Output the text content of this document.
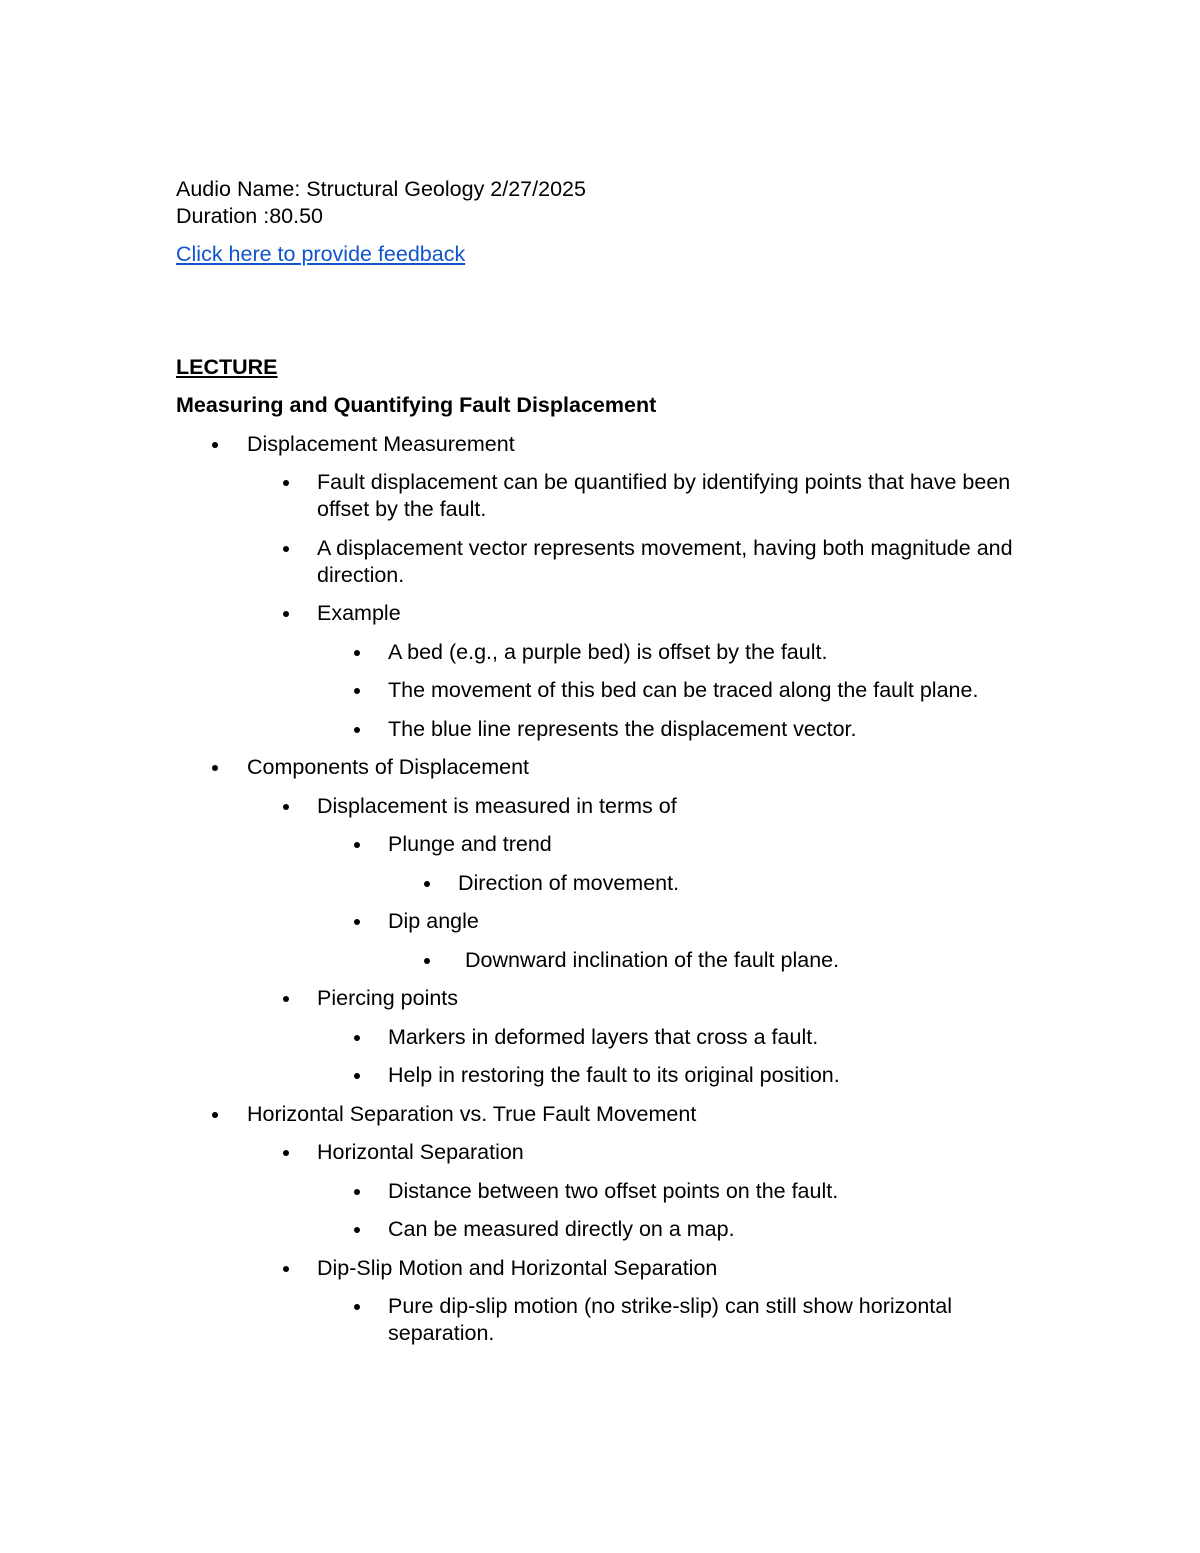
Audio Name: Structural Geology 2/27/2025
Duration :80.50
Click here to provide feedback
LECTURE
Measuring and Quantifying Fault Displacement
Displacement Measurement
Fault displacement can be quantified by identifying points that have been offset by the fault.
A displacement vector represents movement, having both magnitude and direction.
Example
A bed (e.g., a purple bed) is offset by the fault.
The movement of this bed can be traced along the fault plane.
The blue line represents the displacement vector.
Components of Displacement
Displacement is measured in terms of
Plunge and trend
Direction of movement.
Dip angle
Downward inclination of the fault plane.
Piercing points
Markers in deformed layers that cross a fault.
Help in restoring the fault to its original position.
Horizontal Separation vs. True Fault Movement
Horizontal Separation
Distance between two offset points on the fault.
Can be measured directly on a map.
Dip-Slip Motion and Horizontal Separation
Pure dip-slip motion (no strike-slip) can still show horizontal separation.
